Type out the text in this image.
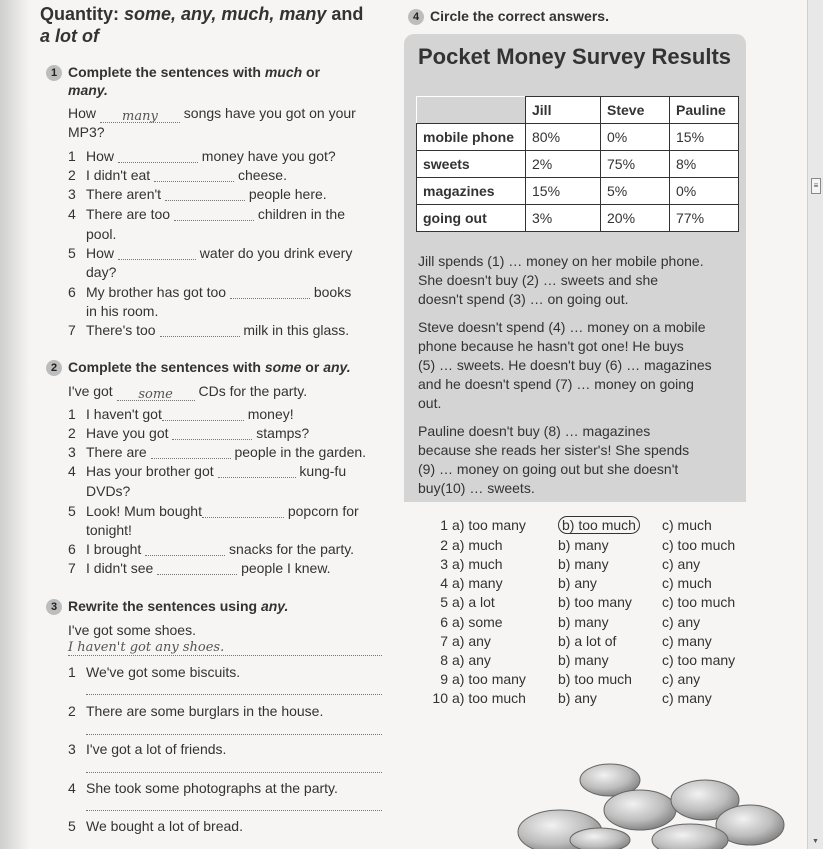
Quantity: some, any, much, many and
a lot of
1 Complete the sentences with much or
many.
How many songs have you got on your
MP3?
1 How	money have you got?
2 I didn't eat	cheese.
3 There aren't	people here.
4 There are too	children in the
pool.
5 How	water do you drink every
day?
6 My brother has got too	books
in his room.
7 There's too	milk in this glass.
2 Complete the sentences with some or any.
I've got some CDs for the party.
1 I haven't got	money!
2 Have you got	stamps?
3 There are	people in the garden.
4 Has your brother got	kung-fu
DVDs?
5 Look! Mum bought	popcorn for
tonight!
6 I brought	snacks for the party.
7 I didn't see	people I knew.
3 Rewrite the sentences using any.
I've got some shoes.
I haven't got any shoes.
1 We've got some biscuits.
2 There are some burglars in the house.
3 I've got a lot of friends.
4 She took some photographs at the party.
5 We bought a lot of bread.
4 Circle the correct answers.
Pocket Money Survey Results
	Jill	Steve	Pauline
mobile phone	80%	0%	15%
sweets	2%	75%	8%
magazines	15%	5%	0%
going out	3%	20%	77%
Jill spends (1) … money on her mobile phone.
She doesn't buy (2) … sweets and she
doesn't spend (3) … on going out.
Steve doesn't spend (4) … money on a mobile
phone because he hasn't got one! He buys
(5) … sweets. He doesn't buy (6) … magazines
and he doesn't spend (7) … money on going
out.
Pauline doesn't buy (8) … magazines
because she reads her sister's! She spends
(9) … money on going out but she doesn't
buy(10) … sweets.
1 a) too many	b) too much c) much
2 a) much	b) many	c) too much
3 a) much	b) many	c) any
4 a) many	b) any	c) much
5 a) a lot	b) too many c) too much
6 a) some	b) many	c) any
7 a) any	b) a lot of	c) many
8 a) any	b) many	c) too many
9 a) too many b) too much c) any
10 a) too much b) any	c) many
≡
▼
